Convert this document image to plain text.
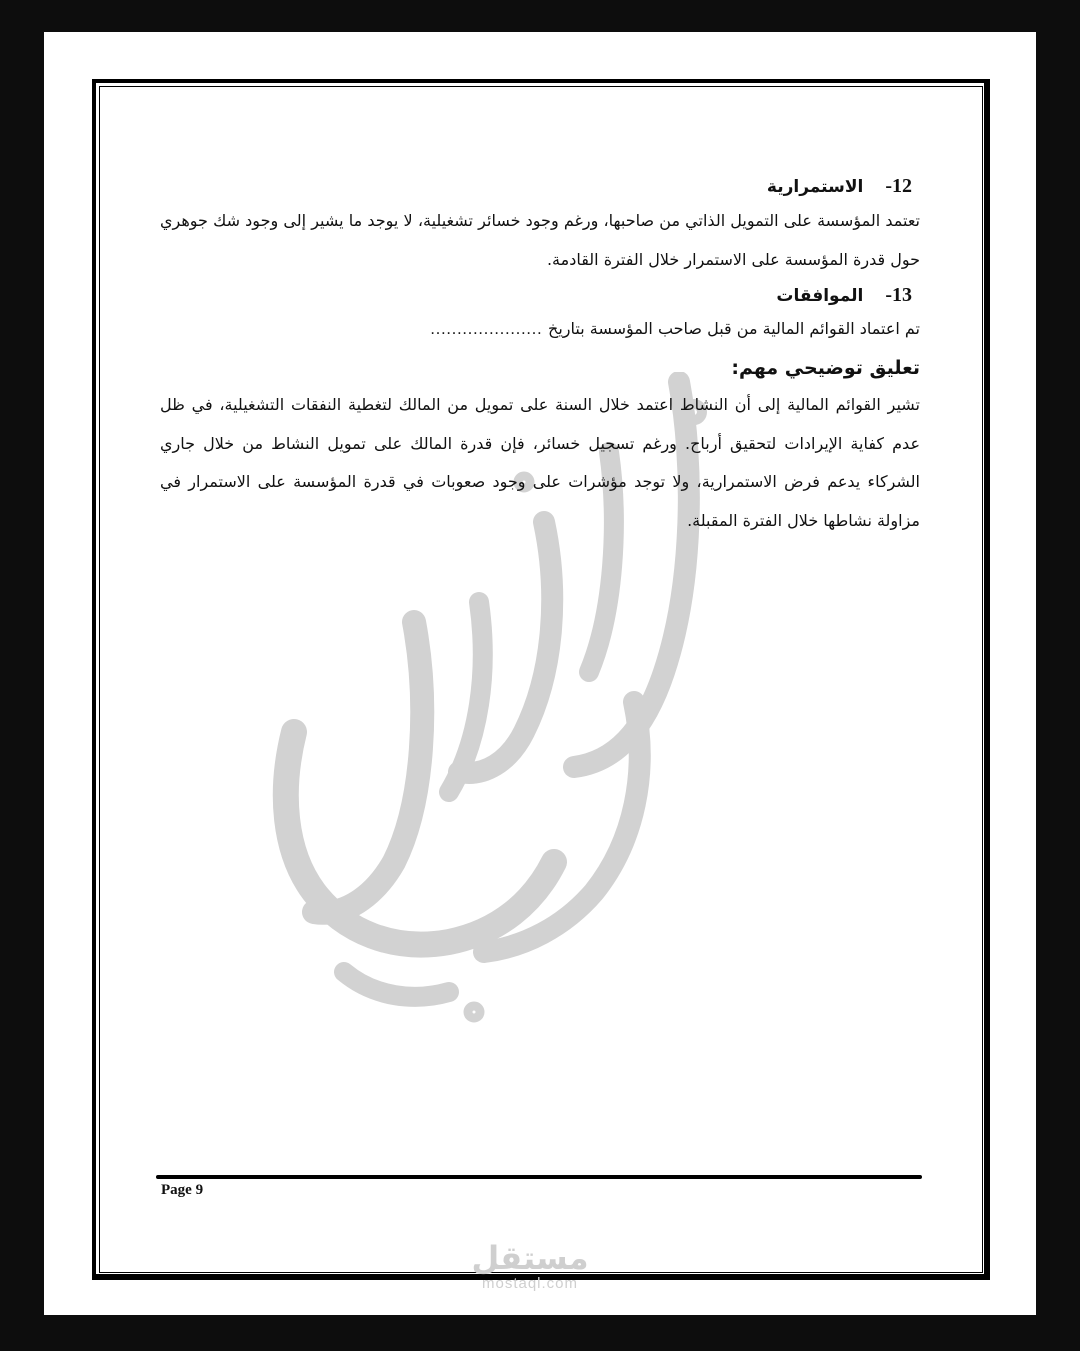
12-الاستمرارية
تعتمد المؤسسة على التمويل الذاتي من صاحبها، ورغم وجود خسائر تشغيلية، لا يوجد ما يشير إلى وجود شك جوهري حول قدرة المؤسسة على الاستمرار خلال الفترة القادمة.
13-الموافقات
تم اعتماد القوائم المالية من قبل صاحب المؤسسة بتاريخ…………………
تعليق توضيحي مهم:
تشير القوائم المالية إلى أن النشاط اعتمد خلال السنة على تمويل من المالك لتغطية النفقات التشغيلية، في ظل عدم كفاية الإيرادات لتحقيق أرباح. ورغم تسجيل خسائر، فإن قدرة المالك على تمويل النشاط من خلال جاري الشركاء يدعم فرض الاستمرارية، ولا توجد مؤشرات على وجود صعوبات في قدرة المؤسسة على الاستمرار في مزاولة نشاطها خلال الفترة المقبلة.
Page 9
مستقل
mostaql.com
